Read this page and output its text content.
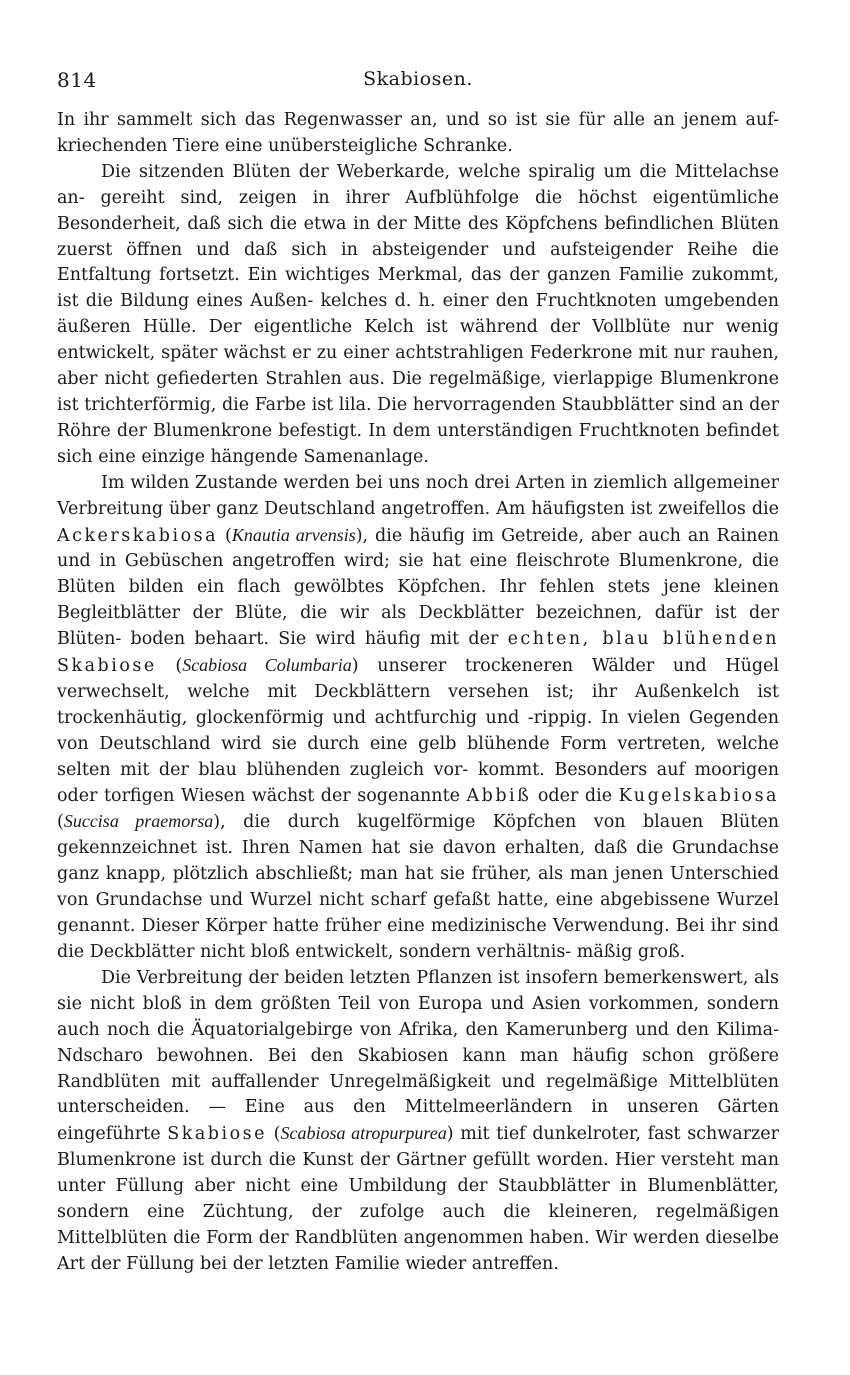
814	Skabiosen.

In ihr sammelt sich das Regenwasser an, und so ist sie für alle an jenem auf- kriechenden Tiere eine unübersteigliche Schranke.

Die sitzenden Blüten der Weberkarde, welche spiralig um die Mittelachse an- gereiht sind, zeigen in ihrer Aufblühfolge die höchst eigentümliche Besonderheit, daß sich die etwa in der Mitte des Köpfchens befindlichen Blüten zuerst öffnen und daß sich in absteigender und aufsteigender Reihe die Entfaltung fortsetzt. Ein wichtiges Merkmal, das der ganzen Familie zukommt, ist die Bildung eines Außen- kelches d. h. einer den Fruchtknoten umgebenden äußeren Hülle. Der eigentliche Kelch ist während der Vollblüte nur wenig entwickelt, später wächst er zu einer achtstrahligen Federkrone mit nur rauhen, aber nicht gefiederten Strahlen aus. Die regelmäßige, vierlappige Blumenkrone ist trichterförmig, die Farbe ist lila. Die hervorragenden Staubblätter sind an der Röhre der Blumenkrone befestigt. In dem unterständigen Fruchtknoten befindet sich eine einzige hängende Samenanlage.

Im wilden Zustande werden bei uns noch drei Arten in ziemlich allgemeiner Verbreitung über ganz Deutschland angetroffen. Am häufigsten ist zweifellos die Ackerskabiosa (Knautia arvensis), die häufig im Getreide, aber auch an Rainen und in Gebüschen angetroffen wird; sie hat eine fleischrote Blumenkrone, die Blüten bilden ein flach gewölbtes Köpfchen. Ihr fehlen stets jene kleinen Begleitblätter der Blüte, die wir als Deckblätter bezeichnen, dafür ist der Blüten- boden behaart. Sie wird häufig mit der echten, blau blühenden Skabiose (Scabiosa Columbaria) unserer trockeneren Wälder und Hügel verwechselt, welche mit Deckblättern versehen ist; ihr Außenkelch ist trockenhäutig, glockenförmig und achtfurchig und -rippig. In vielen Gegenden von Deutschland wird sie durch eine gelb blühende Form vertreten, welche selten mit der blau blühenden zugleich vor- kommt. Besonders auf moorigen oder torfigen Wiesen wächst der sogenannte Abbiß oder die Kugelskabiosa (Succisa praemorsa), die durch kugelförmige Köpfchen von blauen Blüten gekennzeichnet ist. Ihren Namen hat sie davon erhalten, daß die Grundachse ganz knapp, plötzlich abschließt; man hat sie früher, als man jenen Unterschied von Grundachse und Wurzel nicht scharf gefaßt hatte, eine abgebissene Wurzel genannt. Dieser Körper hatte früher eine medizinische Verwendung. Bei ihr sind die Deckblätter nicht bloß entwickelt, sondern verhältnis- mäßig groß.

Die Verbreitung der beiden letzten Pflanzen ist insofern bemerkenswert, als sie nicht bloß in dem größten Teil von Europa und Asien vorkommen, sondern auch noch die Äquatorialgebirge von Afrika, den Kamerunberg und den Kilima- Ndscharo bewohnen. Bei den Skabiosen kann man häufig schon größere Randblüten mit auffallender Unregelmäßigkeit und regelmäßige Mittelblüten unterscheiden. — Eine aus den Mittelmeerländern in unseren Gärten eingeführte Skabiose (Scabiosa atropurpurea) mit tief dunkelroter, fast schwarzer Blumenkrone ist durch die Kunst der Gärtner gefüllt worden. Hier versteht man unter Füllung aber nicht eine Umbildung der Staubblätter in Blumenblätter, sondern eine Züchtung, der zufolge auch die kleineren, regelmäßigen Mittelblüten die Form der Randblüten angenommen haben. Wir werden dieselbe Art der Füllung bei der letzten Familie wieder antreffen.
